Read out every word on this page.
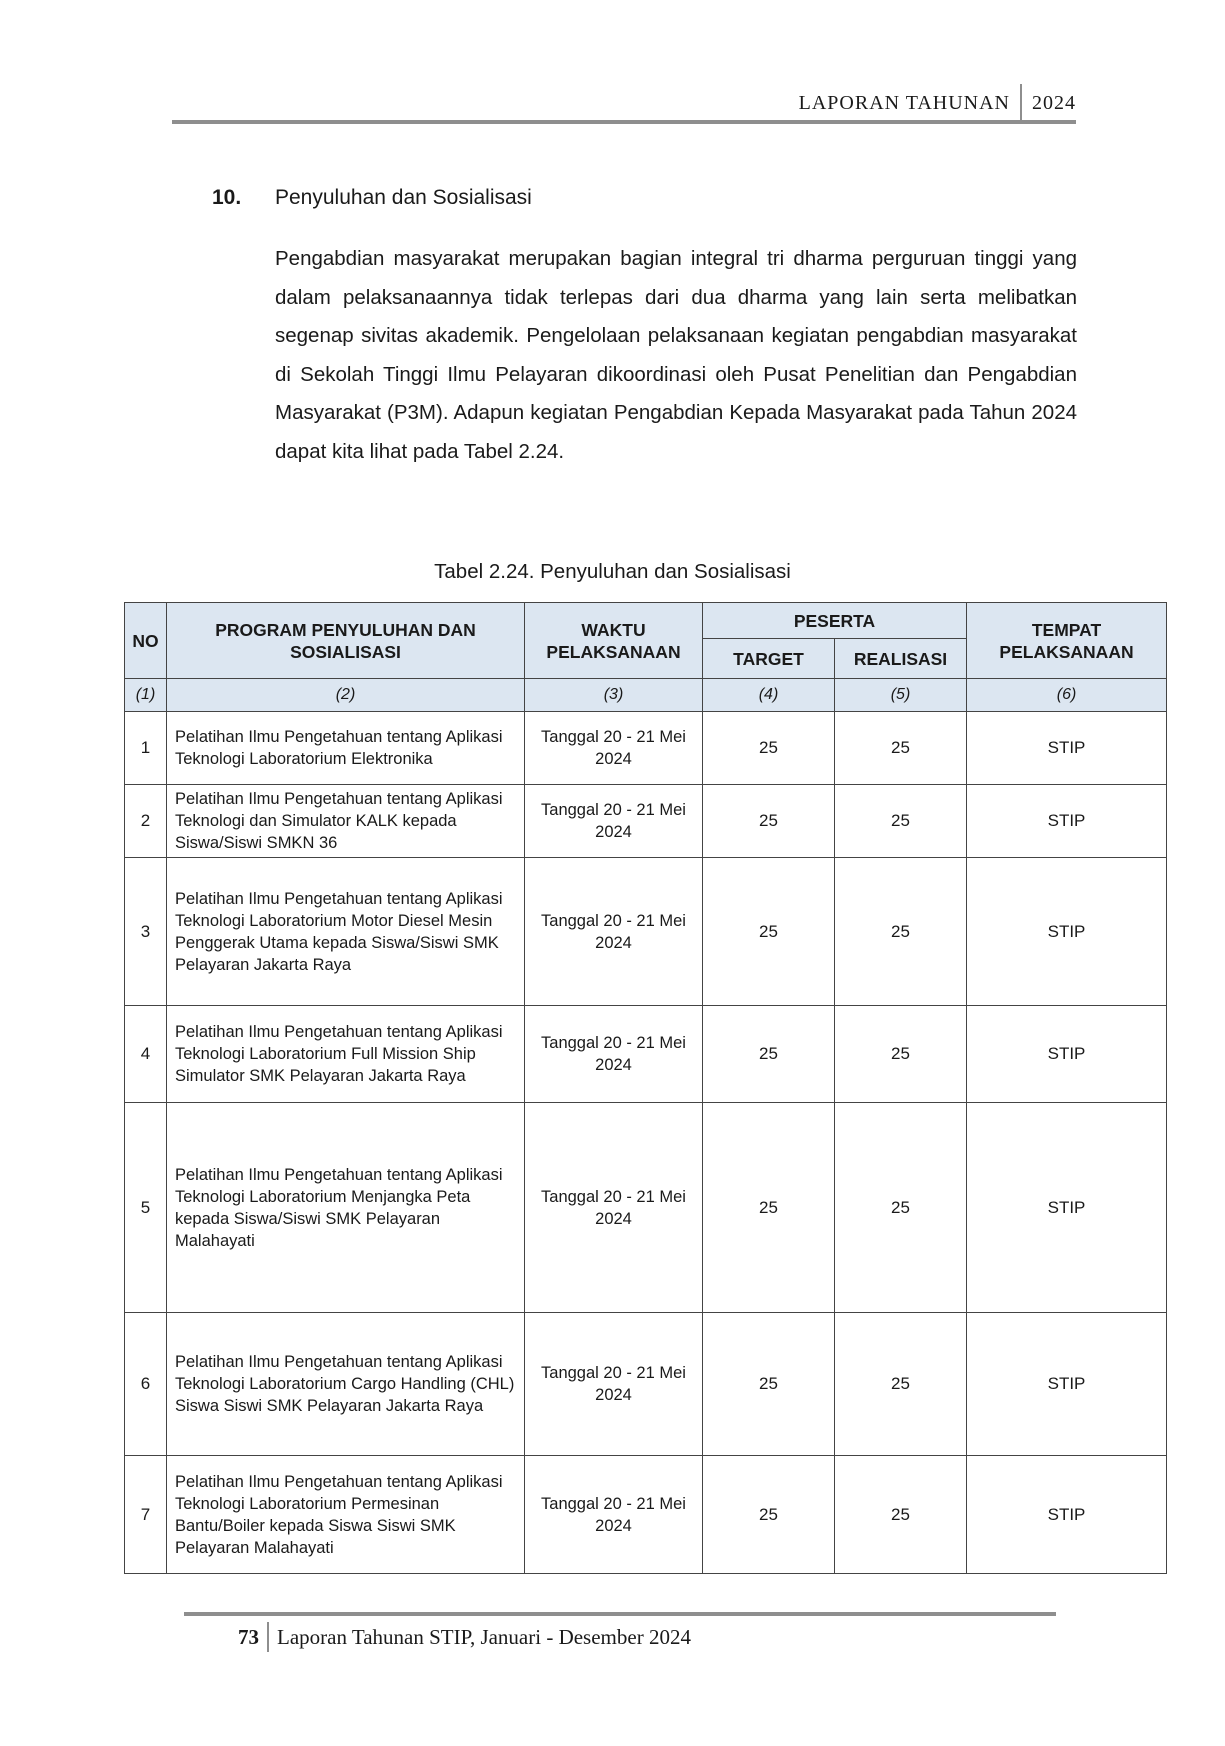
LAPORAN TAHUNAN 2024
10.	Penyuluhan dan Sosialisasi
Pengabdian masyarakat merupakan bagian integral tri dharma perguruan tinggi yang dalam pelaksanaannya tidak terlepas dari dua dharma yang lain serta melibatkan segenap sivitas akademik. Pengelolaan pelaksanaan kegiatan pengabdian masyarakat di Sekolah Tinggi Ilmu Pelayaran dikoordinasi oleh Pusat Penelitian dan Pengabdian Masyarakat (P3M). Adapun kegiatan Pengabdian Kepada Masyarakat pada Tahun 2024 dapat kita lihat pada Tabel 2.24.
Tabel 2.24. Penyuluhan dan Sosialisasi
NO	PROGRAM PENYULUHAN DAN SOSIALISASI	WAKTU PELAKSANAAN	PESERTA		TEMPAT PELAKSANAAN
			TARGET	REALISASI	
(1)	(2)	(3)	(4)	(5)	(6)
1	Pelatihan Ilmu Pengetahuan tentang Aplikasi Teknologi Laboratorium Elektronika	Tanggal 20 - 21 Mei 2024	25	25	STIP
2	Pelatihan Ilmu Pengetahuan tentang Aplikasi Teknologi dan Simulator KALK kepada Siswa/Siswi SMKN 36	Tanggal 20 - 21 Mei 2024	25	25	STIP
3	Pelatihan Ilmu Pengetahuan tentang Aplikasi Teknologi Laboratorium Motor Diesel Mesin Penggerak Utama kepada Siswa/Siswi SMK Pelayaran Jakarta Raya	Tanggal 20 - 21 Mei 2024	25	25	STIP
4	Pelatihan Ilmu Pengetahuan tentang Aplikasi Teknologi Laboratorium Full Mission Ship Simulator SMK Pelayaran Jakarta Raya	Tanggal 20 - 21 Mei 2024	25	25	STIP
5	Pelatihan Ilmu Pengetahuan tentang Aplikasi Teknologi Laboratorium Menjangka Peta kepada Siswa/Siswi SMK Pelayaran Malahayati	Tanggal 20 - 21 Mei 2024	25	25	STIP
6	Pelatihan Ilmu Pengetahuan tentang Aplikasi Teknologi Laboratorium Cargo Handling (CHL) Siswa Siswi SMK Pelayaran Jakarta Raya	Tanggal 20 - 21 Mei 2024	25	25	STIP
7	Pelatihan Ilmu Pengetahuan tentang Aplikasi Teknologi Laboratorium Permesinan Bantu/Boiler kepada Siswa Siswi SMK Pelayaran Malahayati	Tanggal 20 - 21 Mei 2024	25	25	STIP
73 Laporan Tahunan STIP, Januari - Desember 2024
